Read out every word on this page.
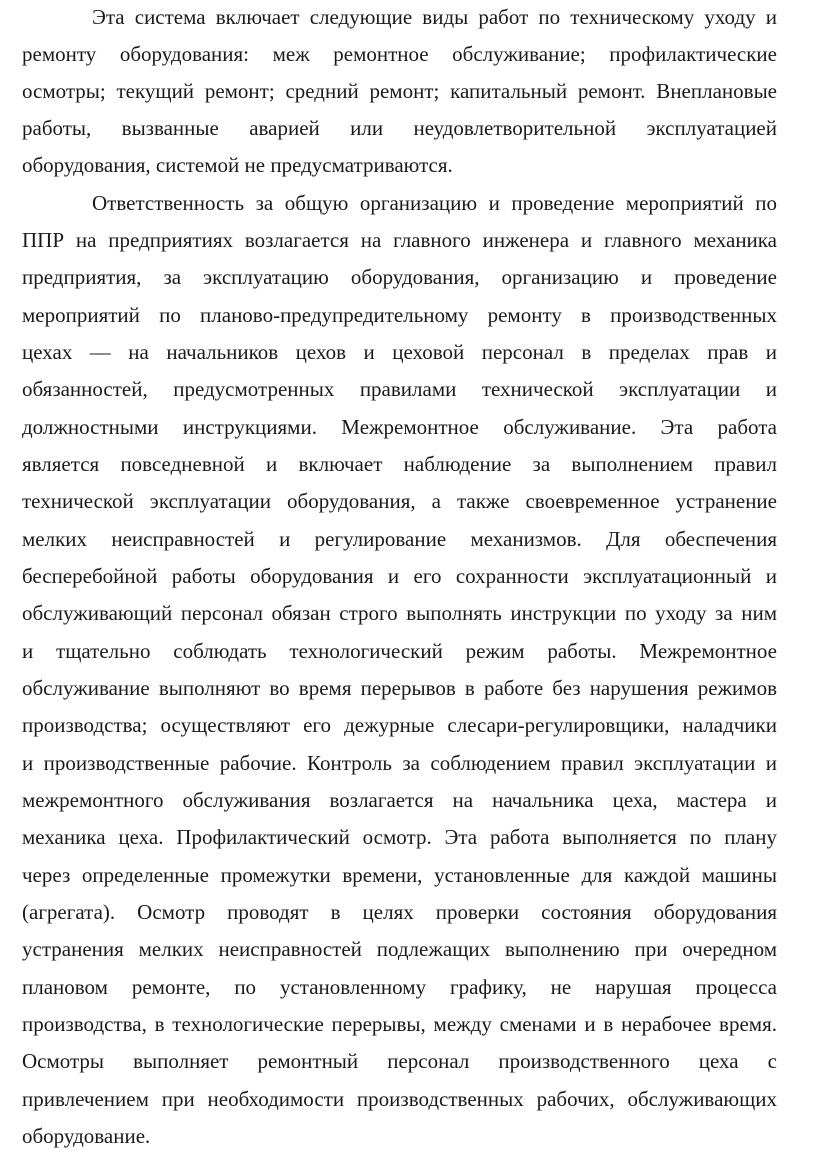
Эта система включает следующие виды работ по техническому уходу и
ремонту оборудования: меж ремонтное обслуживание; профилактические
осмотры; текущий ремонт; средний ремонт; капитальный ремонт. Внеплановые
работы, вызванные аварией или неудовлетворительной эксплуатацией
оборудования, системой не предусматриваются.
Ответственность за общую организацию и проведение мероприятий по
ППР на предприятиях возлагается на главного инженера и главного механика
предприятия, за эксплуатацию оборудования, организацию и проведение
мероприятий по планово-предупредительному ремонту в производственных
цехах — на начальников цехов и цеховой персонал в пределах прав и
обязанностей, предусмотренных правилами технической эксплуатации и
должностными инструкциями. Межремонтное обслуживание. Эта работа
является повседневной и включает наблюдение за выполнением правил
технической эксплуатации оборудования, а также своевременное устранение
мелких неисправностей и регулирование механизмов. Для обеспечения
бесперебойной работы оборудования и его сохранности эксплуатационный и
обслуживающий персонал обязан строго выполнять инструкции по уходу за ним
и тщательно соблюдать технологический режим работы. Межремонтное
обслуживание выполняют во время перерывов в работе без нарушения режимов
производства; осуществляют его дежурные слесари-регулировщики, наладчики
и производственные рабочие. Контроль за соблюдением правил эксплуатации и
межремонтного обслуживания возлагается на начальника цеха, мастера и
механика цеха. Профилактический осмотр. Эта работа выполняется по плану
через определенные промежутки времени, установленные для каждой машины
(агрегата). Осмотр проводят в целях проверки состояния оборудования
устранения мелких неисправностей подлежащих выполнению при очередном
плановом ремонте, по установленному графику, не нарушая процесса
производства, в технологические перерывы, между сменами и в нерабочее время.
Осмотры выполняет ремонтный персонал производственного цеха с
привлечением при необходимости производственных рабочих, обслуживающих
оборудование.
